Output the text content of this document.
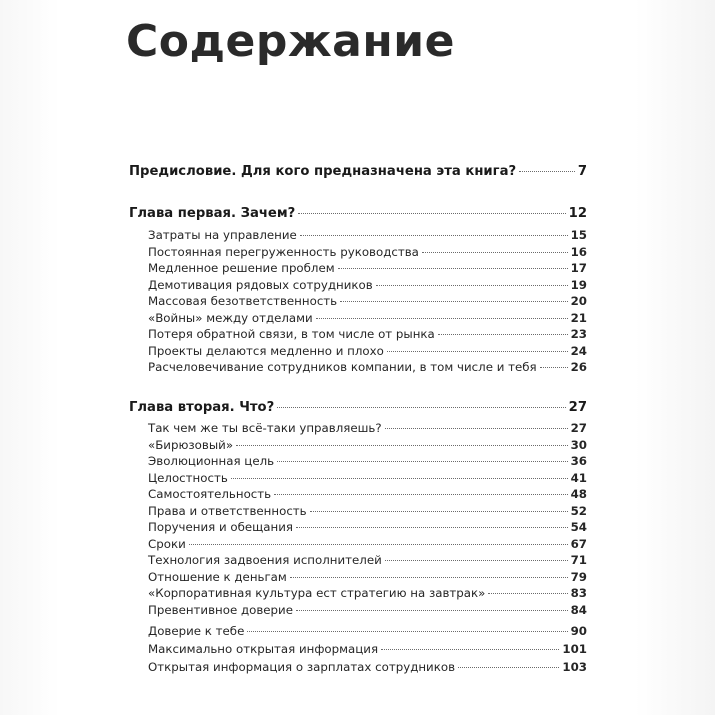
Содержание
Предисловие. Для кого предназначена эта книга?	7
Глава первая. Зачем?	12
Затраты на управление	15
Постоянная перегруженность руководства	16
Медленное решение проблем	17
Демотивация рядовых сотрудников	19
Массовая безответственность	20
«Войны» между отделами	21
Потеря обратной связи, в том числе от рынка	23
Проекты делаются медленно и плохо	24
Расчеловечивание сотрудников компании, в том числе и тебя	26
Глава вторая. Что?	27
Так чем же ты всё-таки управляешь?	27
«Бирюзовый»	30
Эволюционная цель	36
Целостность	41
Самостоятельность	48
Права и ответственность	52
Поручения и обещания	54
Сроки	67
Технология задвоения исполнителей	71
Отношение к деньгам	79
«Корпоративная культура ест стратегию на завтрак»	83
Превентивное доверие	84
Доверие к тебе	90
Максимально открытая информация	101
Открытая информация о зарплатах сотрудников	103
